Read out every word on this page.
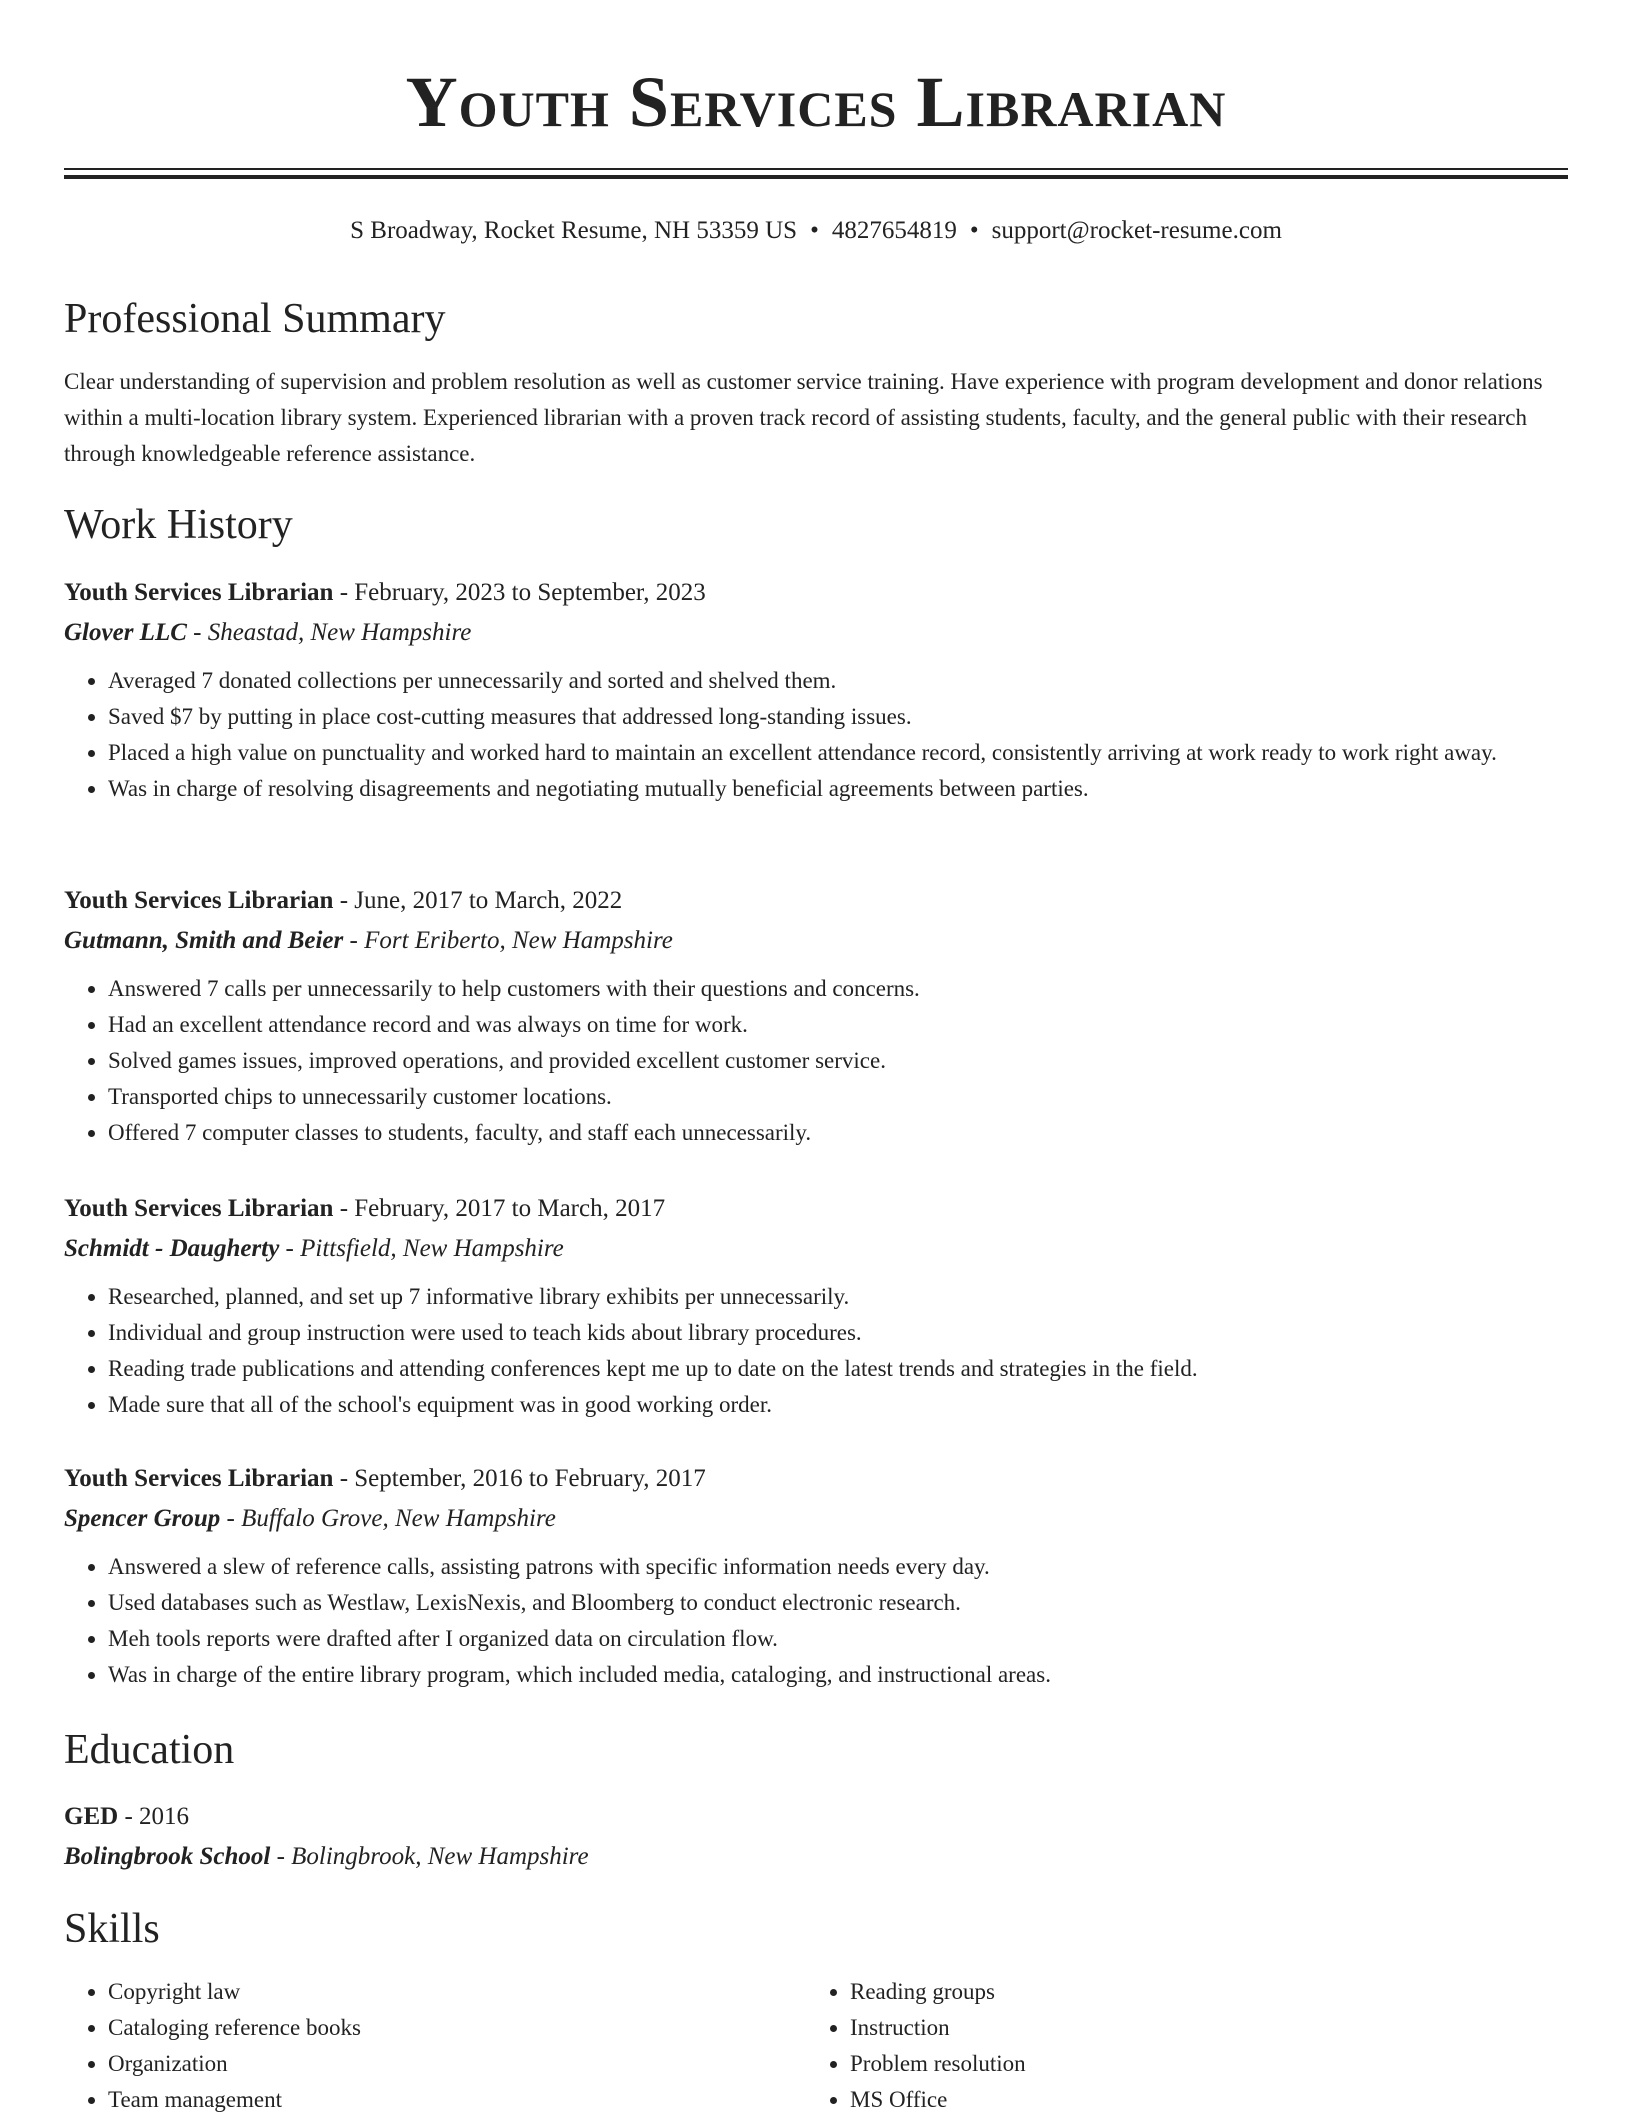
Youth Services Librarian
S Broadway, Rocket Resume, NH 53359 US • 4827654819 • support@rocket-resume.com
Professional Summary

Clear understanding of supervision and problem resolution as well as customer service training. Have experience with program development and donor relations within a multi-location library system. Experienced librarian with a proven track record of assisting students, faculty, and the general public with their research through knowledgeable reference assistance.

Work History

Youth Services Librarian - February, 2023 to September, 2023

Glover LLC - Sheastad, New Hampshire

• Averaged 7 donated collections per unnecessarily and sorted and shelved them.
• Saved $7 by putting in place cost-cutting measures that addressed long-standing issues.
• Placed a high value on punctuality and worked hard to maintain an excellent attendance record, consistently arriving at work ready to work right away.
• Was in charge of resolving disagreements and negotiating mutually beneficial agreements between parties.

Youth Services Librarian - June, 2017 to March, 2022

Gutmann, Smith and Beier - Fort Eriberto, New Hampshire

• Answered 7 calls per unnecessarily to help customers with their questions and concerns.
• Had an excellent attendance record and was always on time for work.
• Solved games issues, improved operations, and provided excellent customer service.
• Transported chips to unnecessarily customer locations.
• Offered 7 computer classes to students, faculty, and staff each unnecessarily.

Youth Services Librarian - February, 2017 to March, 2017

Schmidt - Daugherty - Pittsfield, New Hampshire

• Researched, planned, and set up 7 informative library exhibits per unnecessarily.
• Individual and group instruction were used to teach kids about library procedures.
• Reading trade publications and attending conferences kept me up to date on the latest trends and strategies in the field.
• Made sure that all of the school's equipment was in good working order.

Youth Services Librarian - September, 2016 to February, 2017

Spencer Group - Buffalo Grove, New Hampshire

• Answered a slew of reference calls, assisting patrons with specific information needs every day.
• Used databases such as Westlaw, LexisNexis, and Bloomberg to conduct electronic research.
• Meh tools reports were drafted after I organized data on circulation flow.
• Was in charge of the entire library program, which included media, cataloging, and instructional areas.
Education

GED - 2016

Bolingbrook School - Bolingbrook, New Hampshire

Skills
• Copyright law
• Cataloging reference books
• Organization
• Team management
• Reading groups
• Instruction
• Problem resolution
• MS Office
